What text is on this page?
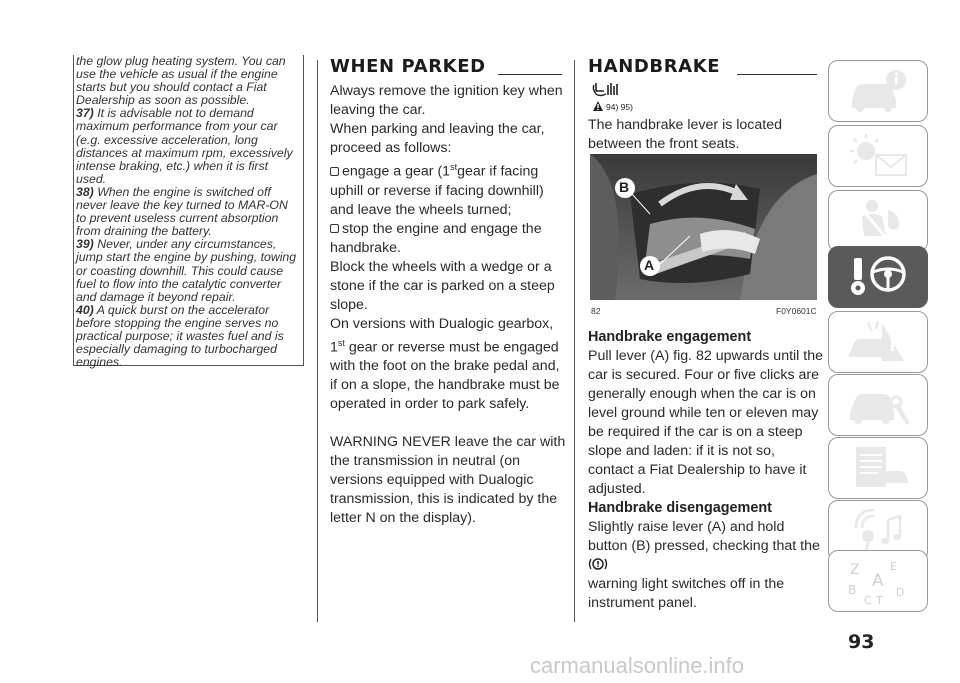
the glow plug heating system. You can use the vehicle as usual if the engine starts but you should contact a Fiat Dealership as soon as possible.

37) It is advisable not to demand maximum performance from your car (e.g. excessive acceleration, long distances at maximum rpm, excessively intense braking, etc.) when it is first used.

38) When the engine is switched off never leave the key turned to MAR-ON to prevent useless current absorption from draining the battery.

39) Never, under any circumstances, jump start the engine by pushing, towing or coasting downhill. This could cause fuel to flow into the catalytic converter and damage it beyond repair.

40) A quick burst on the accelerator before stopping the engine serves no practical purpose; it wastes fuel and is especially damaging to turbocharged engines.

WHEN PARKED

Always remove the ignition key when leaving the car.

When parking and leaving the car, proceed as follows:

engage a gear (1stgear if facing uphill or reverse if facing downhill) and leave the wheels turned;

stop the engine and engage the handbrake.

Block the wheels with a wedge or a stone if the car is parked on a steep slope.

On versions with Dualogic gearbox, 1st gear or reverse must be engaged with the foot on the brake pedal and, if on a slope, the handbrake must be operated in order to park safely.

WARNING NEVER leave the car with the transmission in neutral (on versions equipped with Dualogic transmission, this is indicated by the letter N on the display).

HANDBRAKE
94) 95)

The handbrake lever is located between the front seats.

B
A
82	F0Y0601C

Handbrake engagement

Pull lever (A) fig. 82 upwards until the car is secured. Four or five clicks are generally enough when the car is on level ground while ten or eleven may be required if the car is on a steep slope and laden: if it is not so, contact a Fiat Dealership to have it adjusted.

Handbrake disengagement

Slightly raise lever (A) and hold button (B) pressed, checking that the
warning light switches off in the instrument panel.

Z	E
A
B
C T
D
93
carmanualsonline.info
